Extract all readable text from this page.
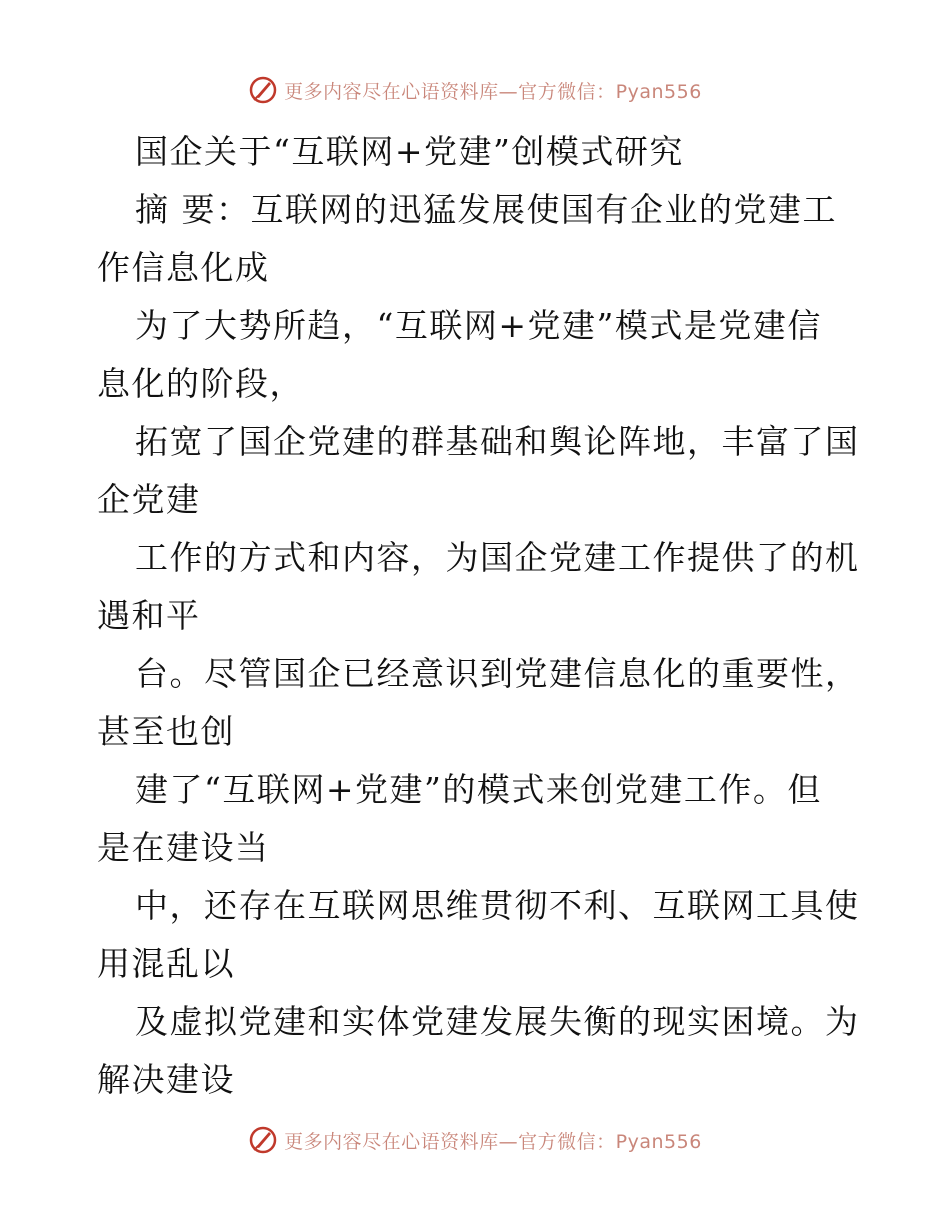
更多内容尽在心语资料库—官方微信：Pyan556
国企关于“互联网+党建”创模式研究
摘 要：互联网的迅猛发展使国有企业的党建工
作信息化成
为了大势所趋，“互联网+党建”模式是党建信
息化的阶段，
拓宽了国企党建的群基础和舆论阵地，丰富了国
企党建
工作的方式和内容，为国企党建工作提供了的机
遇和平
台。尽管国企已经意识到党建信息化的重要性，
甚至也创
建了“互联网+党建”的模式来创党建工作。但
是在建设当
中，还存在互联网思维贯彻不利、互联网工具使
用混乱以
及虚拟党建和实体党建发展失衡的现实困境。为
解决建设
更多内容尽在心语资料库—官方微信：Pyan556
